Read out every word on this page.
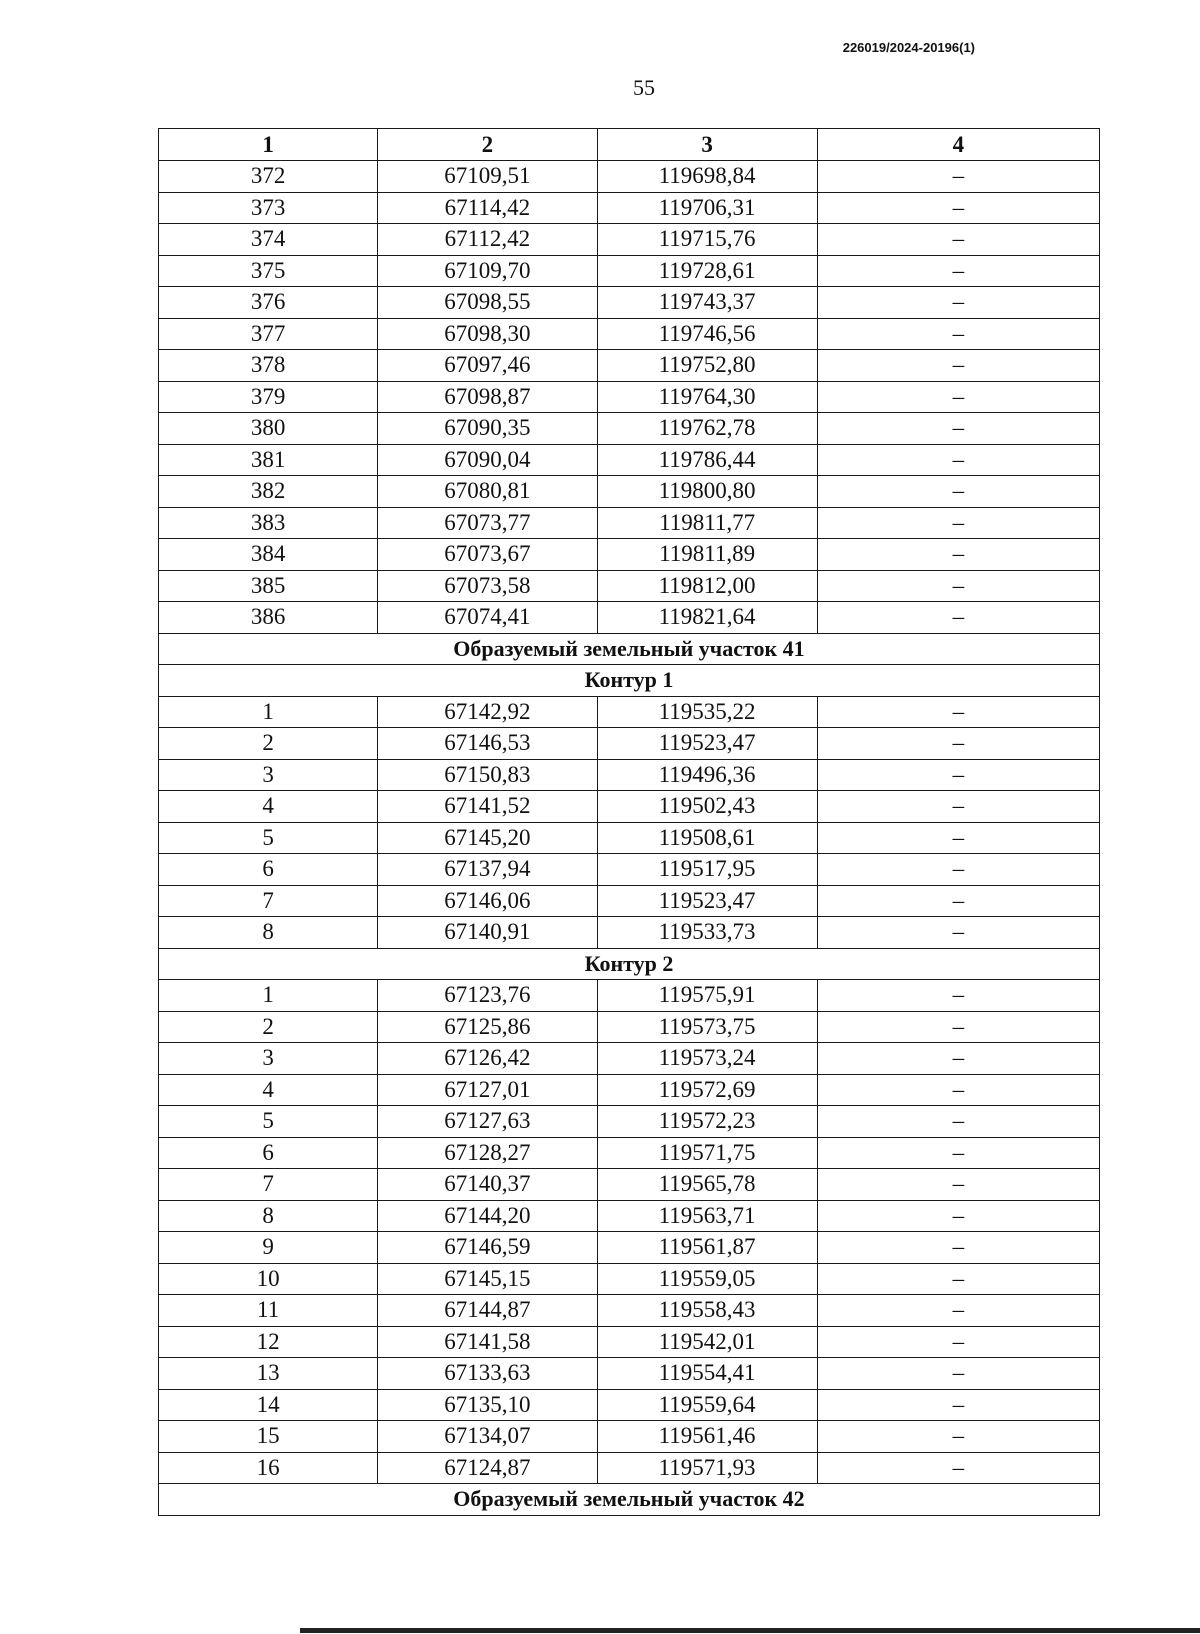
226019/2024-20196(1)
55
1	2	3	4
372	67109,51	119698,84	–
373	67114,42	119706,31	–
374	67112,42	119715,76	–
375	67109,70	119728,61	–
376	67098,55	119743,37	–
377	67098,30	119746,56	–
378	67097,46	119752,80	–
379	67098,87	119764,30	–
380	67090,35	119762,78	–
381	67090,04	119786,44	–
382	67080,81	119800,80	–
383	67073,77	119811,77	–
384	67073,67	119811,89	–
385	67073,58	119812,00	–
386	67074,41	119821,64	–
Образуемый земельный участок 41			
Контур 1			
1	67142,92	119535,22	–
2	67146,53	119523,47	–
3	67150,83	119496,36	–
4	67141,52	119502,43	–
5	67145,20	119508,61	–
6	67137,94	119517,95	–
7	67146,06	119523,47	–
8	67140,91	119533,73	–
Контур 2			
1	67123,76	119575,91	–
2	67125,86	119573,75	–
3	67126,42	119573,24	–
4	67127,01	119572,69	–
5	67127,63	119572,23	–
6	67128,27	119571,75	–
7	67140,37	119565,78	–
8	67144,20	119563,71	–
9	67146,59	119561,87	–
10	67145,15	119559,05	–
11	67144,87	119558,43	–
12	67141,58	119542,01	–
13	67133,63	119554,41	–
14	67135,10	119559,64	–
15	67134,07	119561,46	–
16	67124,87	119571,93	–
Образуемый земельный участок 42			
